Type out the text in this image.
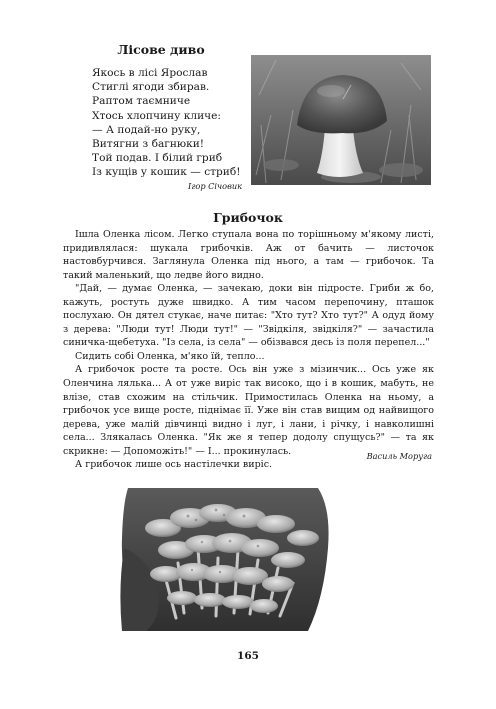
Лісове диво
Якось в лісі Ярослав
Стиглі ягоди збирав.
Раптом таємниче
Хтось хлопчину кличе:
— А подай-но руку,
Витягни з багнюки!
Той подав. І білий гриб
Із кущів у кошик — стриб!
Ігор Січовик
Грибочок

Ішла Оленка лісом. Легко ступала вона по торішньому м'якому листі, придивлялася: шукала грибочків. Аж от бачить — листочок настовбурчився. Заглянула Оленка під нього, а там — грибочок. Та такий маленький, що ледве його видно.

"Дай, — думає Оленка, — зачекаю, доки він підросте. Гриби ж бо, кажуть, ростуть дуже швидко. А тим часом перепочину, пташок послухаю. Он дятел стукає, наче питає: "Хто тут? Хто тут?" А одуд йому з дерева: "Люди тут! Люди тут!" — "Звідкіля, звідкіля?" — зачастила синичка-щебетуха. "Із села, із села" — обізвався десь із поля перепел..."

Сидить собі Оленка, м'яко їй, тепло...

А грибочок росте та росте. Ось він уже з мізинчик... Ось уже як Оленчина лялька... А от уже виріс так високо, що і в кошик, мабуть, не влізе, став схожим на стільчик. Примостилась Оленка на ньому, а грибочок усе вище росте, піднімає її. Уже він став вищим од найвищого дерева, уже малій дівчинці видно і луг, і лани, і річку, і навколишні села... Злякалась Оленка. "Як же я тепер додолу спущусь?" — та як скрикне: — Допоможіть!" — І... прокинулась.

А грибочок лише ось настілечки виріс.

Василь Моруга
165
